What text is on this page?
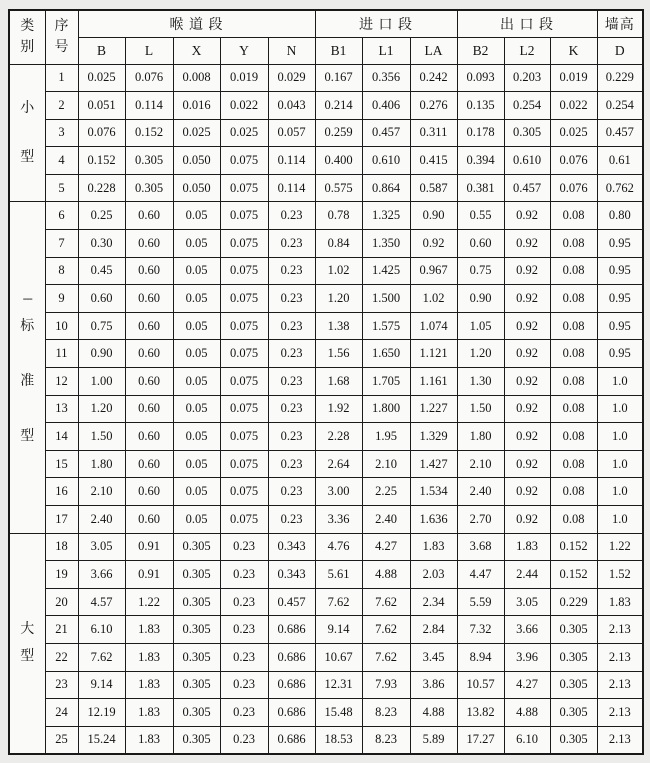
类
别

序
号
	喉 道 段	进 口 段	出 口 段	墙高
		B	L	X	Y	N	B1	L1	LA	B2	L2	K	D

小
型	1	0.025	0.076	0.008	0.019	0.029	0.167	0.356	0.242	0.093	0.203	0.019	0.229
	2	0.051	0.114	0.016	0.022	0.043	0.214	0.406	0.276	0.135	0.254	0.022	0.254
	3	0.076	0.152	0.025	0.025	0.057	0.259	0.457	0.311	0.178	0.305	0.025	0.457
	4	0.152	0.305	0.050	0.075	0.114	0.400	0.610	0.415	0.394	0.610	0.076	0.61
	5	0.228	0.305	0.050	0.075	0.114	0.575	0.864	0.587	0.381	0.457	0.076	0.762

---
标
准
型	6	0.25	0.60	0.05	0.075	0.23	0.78	1.325	0.90	0.55	0.92	0.08	0.80
	7	0.30	0.60	0.05	0.075	0.23	0.84	1.350	0.92	0.60	0.92	0.08	0.95
	8	0.45	0.60	0.05	0.075	0.23	1.02	1.425	0.967	0.75	0.92	0.08	0.95
	9	0.60	0.60	0.05	0.075	0.23	1.20	1.500	1.02	0.90	0.92	0.08	0.95
	10	0.75	0.60	0.05	0.075	0.23	1.38	1.575	1.074	1.05	0.92	0.08	0.95
	11	0.90	0.60	0.05	0.075	0.23	1.56	1.650	1.121	1.20	0.92	0.08	0.95
	12	1.00	0.60	0.05	0.075	0.23	1.68	1.705	1.161	1.30	0.92	0.08	1.0
	13	1.20	0.60	0.05	0.075	0.23	1.92	1.800	1.227	1.50	0.92	0.08	1.0
	14	1.50	0.60	0.05	0.075	0.23	2.28	1.95	1.329	1.80	0.92	0.08	1.0
	15	1.80	0.60	0.05	0.075	0.23	2.64	2.10	1.427	2.10	0.92	0.08	1.0
	16	2.10	0.60	0.05	0.075	0.23	3.00	2.25	1.534	2.40	0.92	0.08	1.0
	17	2.40	0.60	0.05	0.075	0.23	3.36	2.40	1.636	2.70	0.92	0.08	1.0

大
型	18	3.05	0.91	0.305	0.23	0.343	4.76	4.27	1.83	3.68	1.83	0.152	1.22
	19	3.66	0.91	0.305	0.23	0.343	5.61	4.88	2.03	4.47	2.44	0.152	1.52
	20	4.57	1.22	0.305	0.23	0.457	7.62	7.62	2.34	5.59	3.05	0.229	1.83
	21	6.10	1.83	0.305	0.23	0.686	9.14	7.62	2.84	7.32	3.66	0.305	2.13
	22	7.62	1.83	0.305	0.23	0.686	10.67	7.62	3.45	8.94	3.96	0.305	2.13
	23	9.14	1.83	0.305	0.23	0.686	12.31	7.93	3.86	10.57	4.27	0.305	2.13
	24	12.19	1.83	0.305	0.23	0.686	15.48	8.23	4.88	13.82	4.88	0.305	2.13
	25	15.24	1.83	0.305	0.23	0.686	18.53	8.23	5.89	17.27	6.10	0.305	2.13
